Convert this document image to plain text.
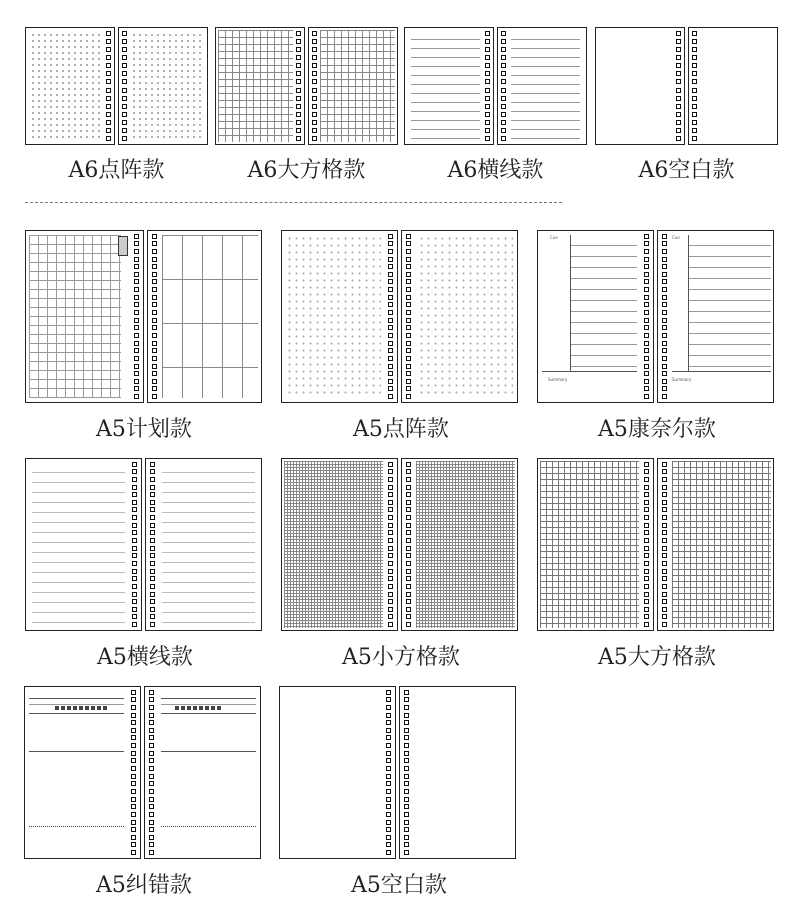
A6点阵款	A6大方格款	A6横线款	A6空白款
A5计划款	A5点阵款
Cue
Summary
Cue
Summary
A5康奈尔款
A5横线款	A5小方格款	A5大方格款
A5纠错款	A5空白款
